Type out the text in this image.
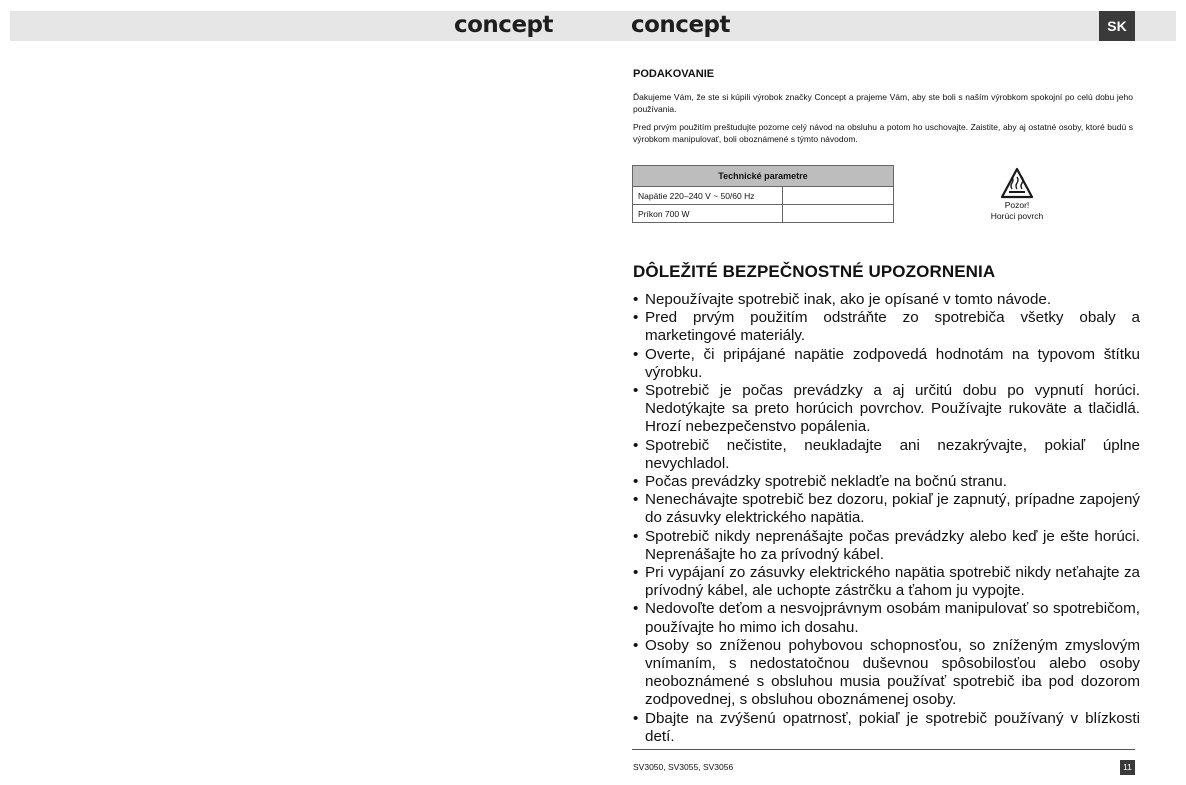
concept	concept	SK
PODAKOVANIE
Ďakujeme Vám, že ste si kúpili výrobok značky Concept a prajeme Vám, aby ste boli s naším výrobkom spokojní po celú dobu jeho používania.
Pred prvým použitím preštudujte pozorne celý návod na obsluhu a potom ho uschovajte. Zaistite, aby aj ostatné osoby, ktoré budú s výrobkom manipulovať, boli oboznámené s týmto návodom.
Technické parametre	
Napätie 220–240 V ~ 50/60 Hz	
Príkon 700 W	
Pozor!
Horúci povrch
DÔLEŽITÉ BEZPEČNOSTNÉ UPOZORNENIA
• Nepoužívajte spotrebič inak, ako je opísané v tomto návode.
• Pred prvým použitím odstráňte zo spotrebiča všetky obaly a marketingové materiály.
• Overte, či pripájané napätie zodpovedá hodnotám na typovom štítku výrobku.
• Spotrebič je počas prevádzky a aj určitú dobu po vypnutí horúci. Nedotýkajte sa preto horúcich povrchov. Používajte rukoväte a tlačidlá. Hrozí nebezpečenstvo popálenia.
• Spotrebič nečistite, neukladajte ani nezakrývajte, pokiaľ úplne nevychladol.
• Počas prevádzky spotrebič nekladťe na bočnú stranu.
• Nenechávajte spotrebič bez dozoru, pokiaľ je zapnutý, prípadne zapojený do zásuvky elektrického napätia.
• Spotrebič nikdy neprenášajte počas prevádzky alebo keď je ešte horúci. Neprenášajte ho za prívodný kábel.
• Pri vypájaní zo zásuvky elektrického napätia spotrebič nikdy neťahajte za prívodný kábel, ale uchopte zástrčku a ťahom ju vypojte.
• Nedovoľte deťom a nesvojprávnym osobám manipulovať so spotrebičom, používajte ho mimo ich dosahu.
• Osoby so zníženou pohybovou schopnosťou, so zníženým zmyslovým vnímaním, s nedostatočnou duševnou spôsobilosťou alebo osoby neoboznámené s obsluhou musia používať spotrebič iba pod dozorom zodpovednej, s obsluhou oboznámenej osoby.
• Dbajte na zvýšenú opatrnosť, pokiaľ je spotrebič používaný v blízkosti detí.
SV3050, SV3055, SV3056	11
